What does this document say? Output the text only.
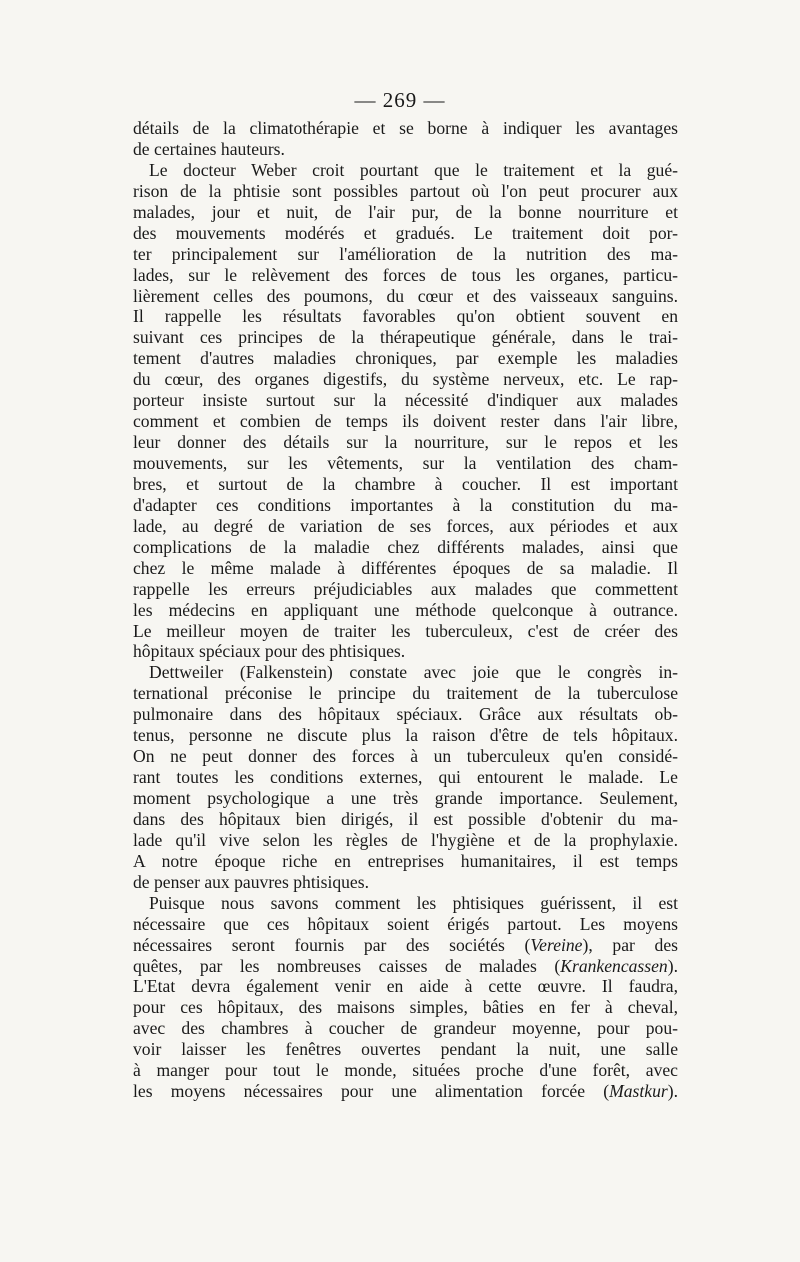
— 269 —
détails de la climatothérapie et se borne à indiquer les avantages
de certaines hauteurs.
Le docteur Weber croit pourtant que le traitement et la gué-
rison de la phtisie sont possibles partout où l'on peut procurer aux
malades, jour et nuit, de l'air pur, de la bonne nourriture et
des mouvements modérés et gradués. Le traitement doit por-
ter principalement sur l'amélioration de la nutrition des ma-
lades, sur le relèvement des forces de tous les organes, particu-
lièrement celles des poumons, du cœur et des vaisseaux sanguins.
Il rappelle les résultats favorables qu'on obtient souvent en
suivant ces principes de la thérapeutique générale, dans le trai-
tement d'autres maladies chroniques, par exemple les maladies
du cœur, des organes digestifs, du système nerveux, etc. Le rap-
porteur insiste surtout sur la nécessité d'indiquer aux malades
comment et combien de temps ils doivent rester dans l'air libre,
leur donner des détails sur la nourriture, sur le repos et les
mouvements, sur les vêtements, sur la ventilation des cham-
bres, et surtout de la chambre à coucher. Il est important
d'adapter ces conditions importantes à la constitution du ma-
lade, au degré de variation de ses forces, aux périodes et aux
complications de la maladie chez différents malades, ainsi que
chez le même malade à différentes époques de sa maladie. Il
rappelle les erreurs préjudiciables aux malades que commettent
les médecins en appliquant une méthode quelconque à outrance.
Le meilleur moyen de traiter les tuberculeux, c'est de créer des
hôpitaux spéciaux pour des phtisiques.
Dettweiler (Falkenstein) constate avec joie que le congrès in-
ternational préconise le principe du traitement de la tuberculose
pulmonaire dans des hôpitaux spéciaux. Grâce aux résultats ob-
tenus, personne ne discute plus la raison d'être de tels hôpitaux.
On ne peut donner des forces à un tuberculeux qu'en considé-
rant toutes les conditions externes, qui entourent le malade. Le
moment psychologique a une très grande importance. Seulement,
dans des hôpitaux bien dirigés, il est possible d'obtenir du ma-
lade qu'il vive selon les règles de l'hygiène et de la prophylaxie.
A notre époque riche en entreprises humanitaires, il est temps
de penser aux pauvres phtisiques.
Puisque nous savons comment les phtisiques guérissent, il est
nécessaire que ces hôpitaux soient érigés partout. Les moyens
nécessaires seront fournis par des sociétés (Vereine), par des
quêtes, par les nombreuses caisses de malades (Krankencassen).
L'Etat devra également venir en aide à cette œuvre. Il faudra,
pour ces hôpitaux, des maisons simples, bâties en fer à cheval,
avec des chambres à coucher de grandeur moyenne, pour pou-
voir laisser les fenêtres ouvertes pendant la nuit, une salle
à manger pour tout le monde, situées proche d'une forêt, avec
les moyens nécessaires pour une alimentation forcée (Mastkur).
